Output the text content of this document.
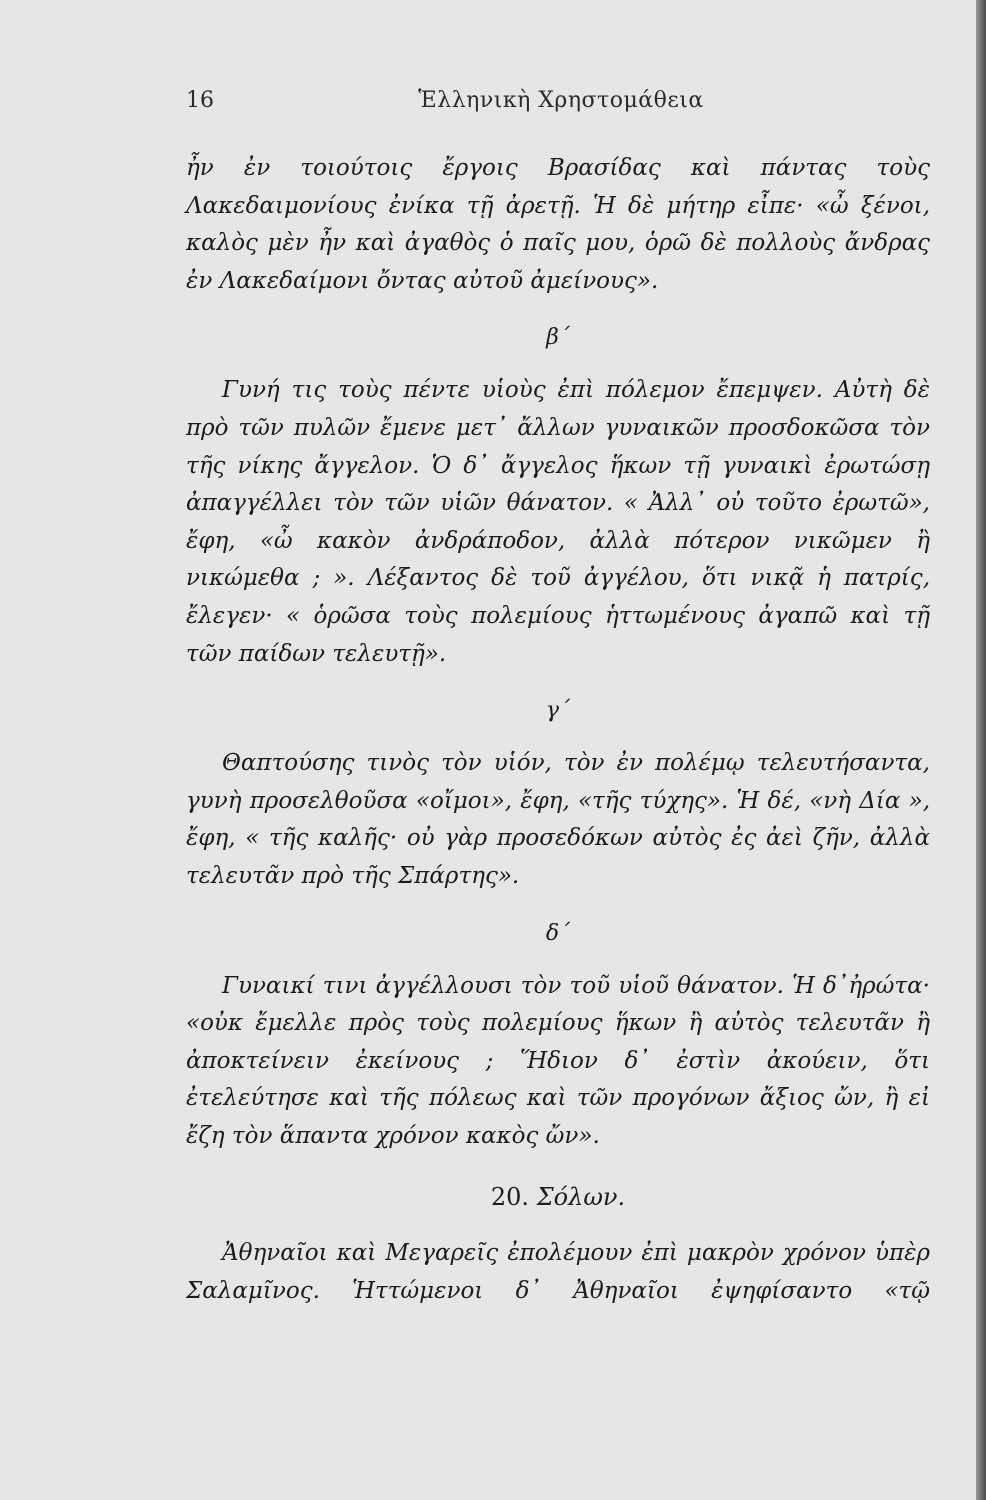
16	Ἑλληνικὴ Χρηστομάθεια

ἦν ἐν τοιούτοις ἔργοις Βρασίδας καὶ πάντας τοὺς Λακεδαιμονίους ἐνίκα τῇ ἀρετῇ. Ἡ δὲ μήτηρ εἶπε· «ὦ ξένοι, καλὸς μὲν ἦν καὶ ἀγαθὸς ὁ παῖς μου, ὁρῶ δὲ πολλοὺς ἄνδρας ἐν Λακεδαίμονι ὄντας αὐτοῦ ἀμείνους».

β΄

Γυνή τις τοὺς πέντε υἱοὺς ἐπὶ πόλεμον ἔπεμψεν. Αὐτὴ δὲ πρὸ τῶν πυλῶν ἔμενε μετ᾽ ἄλλων γυναικῶν προσδοκῶσα τὸν τῆς νίκης ἄγγελον. Ὁ δ᾽ ἄγγελος ἥκων τῇ γυναικὶ ἐρωτώσῃ ἀπαγγέλλει τὸν τῶν υἱῶν θάνατον. « Ἀλλ᾽ οὐ τοῦτο ἐρωτῶ», ἔφη, «ὦ κακὸν ἀνδράποδον, ἀλλὰ πότερον νικῶμεν ἢ νικώμεθα ; ». Λέξαντος δὲ τοῦ ἀγγέλου, ὅτι νικᾷ ἡ πατρίς, ἔλεγεν· « ὁρῶσα τοὺς πολεμίους ἡττωμένους ἀγαπῶ καὶ τῇ τῶν παίδων τελευτῇ».

γ΄

Θαπτούσης τινὸς τὸν υἱόν, τὸν ἐν πολέμῳ τελευτήσαντα, γυνὴ προσελθοῦσα «οἴμοι», ἔφη, «τῆς τύχης». Ἡ δέ, «νὴ Δία », ἔφη, « τῆς καλῆς· οὐ γὰρ προσεδόκων αὐτὸς ἐς ἀεὶ ζῆν, ἀλλὰ τελευτᾶν πρὸ τῆς Σπάρτης».

δ΄

Γυναικί τινι ἀγγέλλουσι τὸν τοῦ υἱοῦ θάνατον. Ἡ δ᾽ἠρώτα· «οὐκ ἔμελλε πρὸς τοὺς πολεμίους ἥκων ἢ αὐτὸς τελευτᾶν ἢ ἀποκτείνειν ἐκείνους ; Ἥδιον δ᾽ ἐστὶν ἀκούειν, ὅτι ἐτελεύτησε καὶ τῆς πόλεως καὶ τῶν προγόνων ἄξιος ὤν, ἢ εἰ ἔζη τὸν ἅπαντα χρόνον κακὸς ὤν».

20. Σόλων.

Ἀθηναῖοι καὶ Μεγαρεῖς ἐπολέμουν ἐπὶ μακρὸν χρόνον ὑπὲρ Σαλαμῖνος. Ἡττώμενοι δ᾽ Ἀθηναῖοι ἐψηφίσαντο «τῷ
